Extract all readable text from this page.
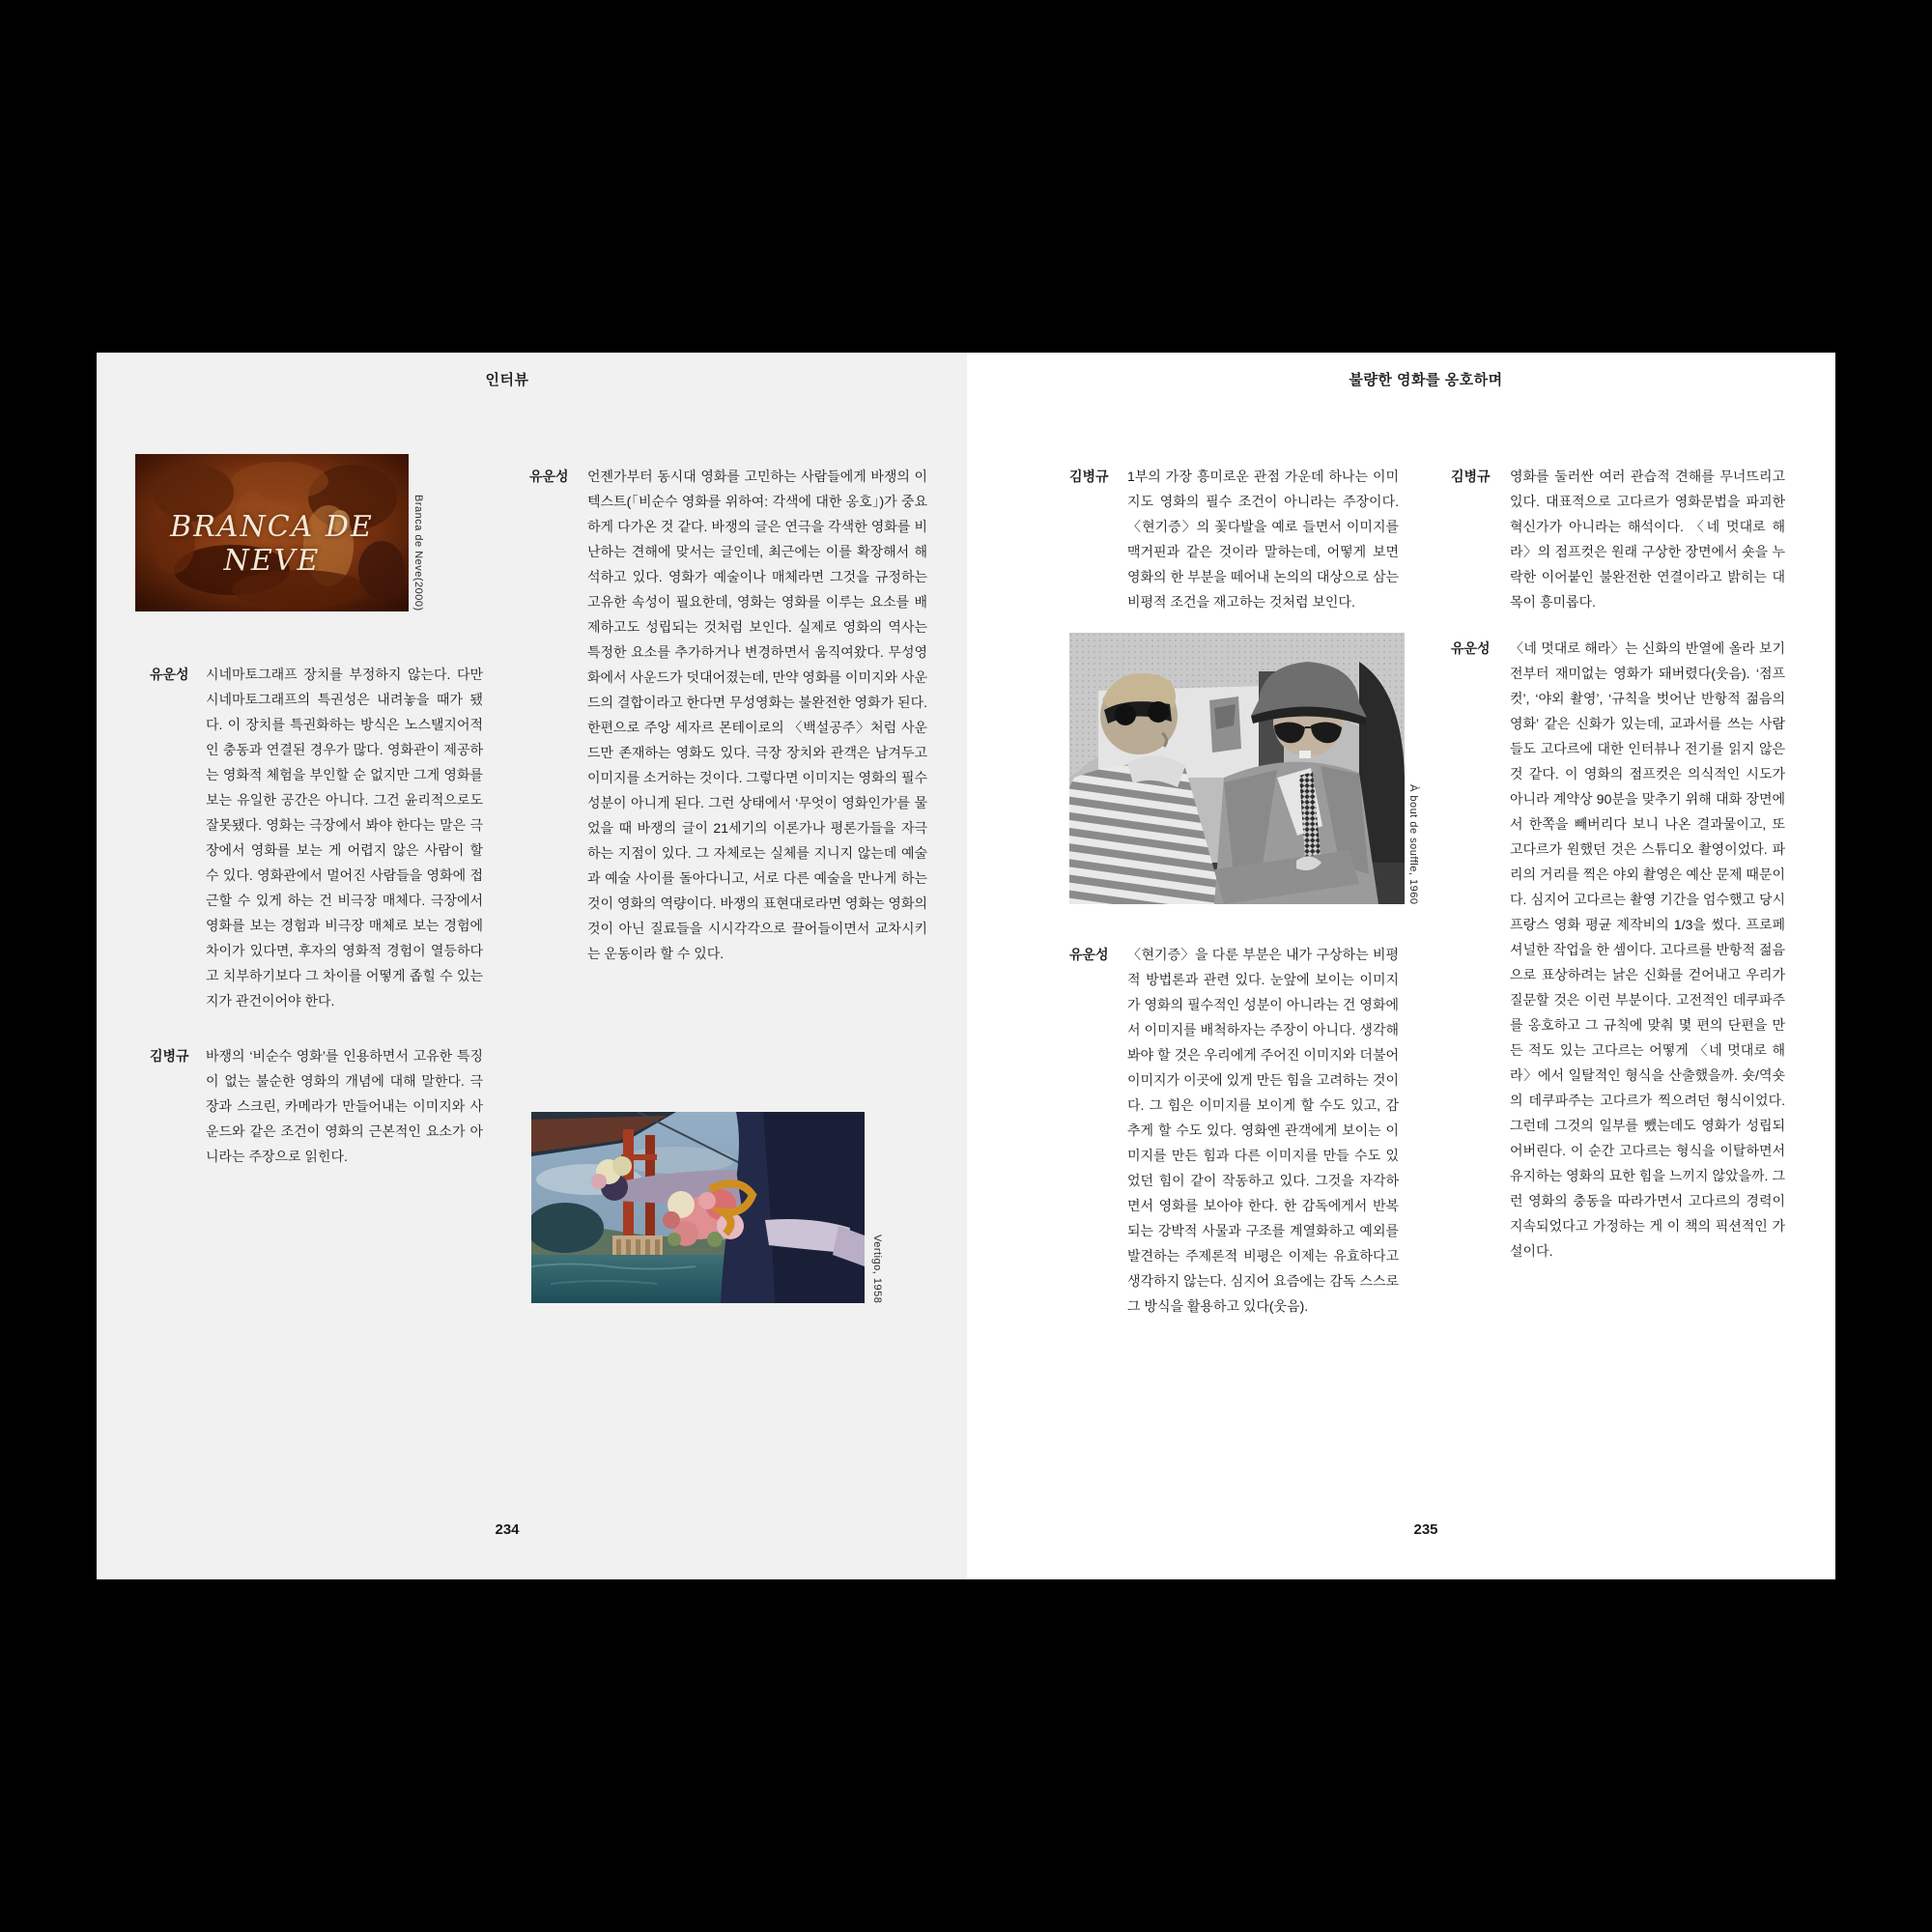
인터뷰
BRANCA DE NEVE	Branca de Neve(2000)
유운성	시네마토그래프 장치를 부정하지 않는다. 다만 시네마토그래프의 특권성은 내려놓을 때가 됐다. 이 장치를 특권화하는 방식은 노스탤지어적인 충동과 연결된 경우가 많다. 영화관이 제공하는 영화적 체험을 부인할 순 없지만 그게 영화를 보는 유일한 공간은 아니다. 그건 윤리적으로도 잘못됐다. 영화는 극장에서 봐야 한다는 말은 극장에서 영화를 보는 게 어렵지 않은 사람이 할 수 있다. 영화관에서 멀어진 사람들을 영화에 접근할 수 있게 하는 건 비극장 매체다. 극장에서 영화를 보는 경험과 비극장 매체로 보는 경험에 차이가 있다면, 후자의 영화적 경험이 열등하다고 치부하기보다 그 차이를 어떻게 좁힐 수 있는지가 관건이어야 한다.
김병규	바쟁의 ‘비순수 영화’를 인용하면서 고유한 특징이 없는 불순한 영화의 개념에 대해 말한다. 극장과 스크린, 카메라가 만들어내는 이미지와 사운드와 같은 조건이 영화의 근본적인 요소가 아니라는 주장으로 읽힌다.
유운성	언젠가부터 동시대 영화를 고민하는 사람들에게 바쟁의 이 텍스트(「비순수 영화를 위하여: 각색에 대한 옹호」)가 중요하게 다가온 것 같다. 바쟁의 글은 연극을 각색한 영화를 비난하는 견해에 맞서는 글인데, 최근에는 이를 확장해서 해석하고 있다. 영화가 예술이나 매체라면 그것을 규정하는 고유한 속성이 필요한데, 영화는 영화를 이루는 요소를 배제하고도 성립되는 것처럼 보인다. 실제로 영화의 역사는 특정한 요소를 추가하거나 변경하면서 움직여왔다. 무성영화에서 사운드가 덧대어졌는데, 만약 영화를 이미지와 사운드의 결합이라고 한다면 무성영화는 불완전한 영화가 된다. 한편으로 주앙 세자르 몬테이로의 〈백설공주〉처럼 사운드만 존재하는 영화도 있다. 극장 장치와 관객은 남겨두고 이미지를 소거하는 것이다. 그렇다면 이미지는 영화의 필수 성분이 아니게 된다. 그런 상태에서 ‘무엇이 영화인가’를 물었을 때 바쟁의 글이 21세기의 이론가나 평론가들을 자극하는 지점이 있다. 그 자체로는 실체를 지니지 않는데 예술과 예술 사이를 돌아다니고, 서로 다른 예술을 만나게 하는 것이 영화의 역량이다. 바쟁의 표현대로라면 영화는 영화의 것이 아닌 질료들을 시시각각으로 끌어들이면서 교차시키는 운동이라 할 수 있다.
Vertigo, 1958
234
불량한 영화를 옹호하며
김병규	1부의 가장 흥미로운 관점 가운데 하나는 이미지도 영화의 필수 조건이 아니라는 주장이다. 〈현기증〉의 꽃다발을 예로 들면서 이미지를 맥거핀과 같은 것이라 말하는데, 어떻게 보면 영화의 한 부분을 떼어내 논의의 대상으로 삼는 비평적 조건을 재고하는 것처럼 보인다.
À bout de souffle, 1960
유운성	〈현기증〉을 다룬 부분은 내가 구상하는 비평적 방법론과 관련 있다. 눈앞에 보이는 이미지가 영화의 필수적인 성분이 아니라는 건 영화에서 이미지를 배척하자는 주장이 아니다. 생각해봐야 할 것은 우리에게 주어진 이미지와 더불어 이미지가 이곳에 있게 만든 힘을 고려하는 것이다. 그 힘은 이미지를 보이게 할 수도 있고, 감추게 할 수도 있다. 영화엔 관객에게 보이는 이미지를 만든 힘과 다른 이미지를 만들 수도 있었던 힘이 같이 작동하고 있다. 그것을 자각하면서 영화를 보아야 한다. 한 감독에게서 반복되는 강박적 사물과 구조를 계열화하고 예외를 발견하는 주제론적 비평은 이제는 유효하다고 생각하지 않는다. 심지어 요즘에는 감독 스스로 그 방식을 활용하고 있다(웃음).
김병규	영화를 둘러싼 여러 관습적 견해를 무너뜨리고 있다. 대표적으로 고다르가 영화문법을 파괴한 혁신가가 아니라는 해석이다. 〈네 멋대로 해라〉의 점프컷은 원래 구상한 장면에서 숏을 누락한 이어붙인 불완전한 연결이라고 밝히는 대목이 흥미롭다.
유운성	〈네 멋대로 해라〉는 신화의 반열에 올라 보기 전부터 재미없는 영화가 돼버렸다(웃음). ‘점프컷’, ‘야외 촬영’, ‘규칙을 벗어난 반항적 젊음의 영화’ 같은 신화가 있는데, 교과서를 쓰는 사람들도 고다르에 대한 인터뷰나 전기를 읽지 않은 것 같다. 이 영화의 점프컷은 의식적인 시도가 아니라 계약상 90분을 맞추기 위해 대화 장면에서 한쪽을 빼버리다 보니 나온 결과물이고, 또 고다르가 원했던 것은 스튜디오 촬영이었다. 파리의 거리를 찍은 야외 촬영은 예산 문제 때문이다. 심지어 고다르는 촬영 기간을 엄수했고 당시 프랑스 영화 평균 제작비의 1/3을 썼다. 프로페셔널한 작업을 한 셈이다. 고다르를 반항적 젊음으로 표상하려는 낡은 신화를 걷어내고 우리가 질문할 것은 이런 부분이다. 고전적인 데쿠파주를 옹호하고 그 규칙에 맞춰 몇 편의 단편을 만든 적도 있는 고다르는 어떻게 〈네 멋대로 해라〉에서 일탈적인 형식을 산출했을까. 숏/역숏의 데쿠파주는 고다르가 찍으려던 형식이었다. 그런데 그것의 일부를 뺐는데도 영화가 성립되어버린다. 이 순간 고다르는 형식을 이탈하면서 유지하는 영화의 묘한 힘을 느끼지 않았을까. 그런 영화의 충동을 따라가면서 고다르의 경력이 지속되었다고 가정하는 게 이 책의 픽션적인 가설이다.
235
